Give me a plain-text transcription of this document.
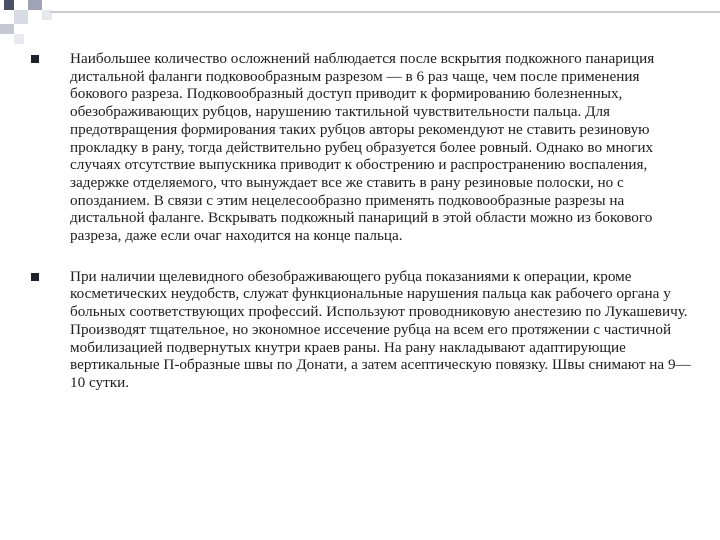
Наибольшее количество осложнений наблюдается после вскрытия подкожного панариция дистальной фаланги подковообразным разрезом — в 6 раз чаще, чем после применения бокового разреза. Подковообразный доступ приводит к формированию болезненных, обезображивающих рубцов, нарушению тактильной чувствительности пальца. Для предотвращения формирования таких рубцов авторы рекомендуют не ставить резиновую прокладку в рану, тогда действительно рубец образуется более ровный. Однако во многих случаях отсутствие выпускника приводит к обострению и распространению воспаления, задержке отделяемого, что вынуждает все же ставить в рану резиновые полоски, но с опозданием. В связи с этим нецелесообразно применять подковообразные разрезы на дистальной фаланге. Вскрывать подкожный панариций в этой области можно из бокового разреза, даже если очаг находится на конце пальца.
При наличии щелевидного обезображивающего рубца показаниями к операции, кроме косметических неудобств, служат функциональные нарушения пальца как рабочего органа у больных соответствующих профессий. Используют проводниковую анестезию по Лукашевичу. Производят тщательное, но экономное иссечение рубца на всем его протяжении с частичной мобилизацией подвернутых кнутри краев раны. На рану накладывают адаптирующие вертикальные П-образные швы по Донати, а затем асептическую повязку. Швы снимают на 9—10 сутки.
